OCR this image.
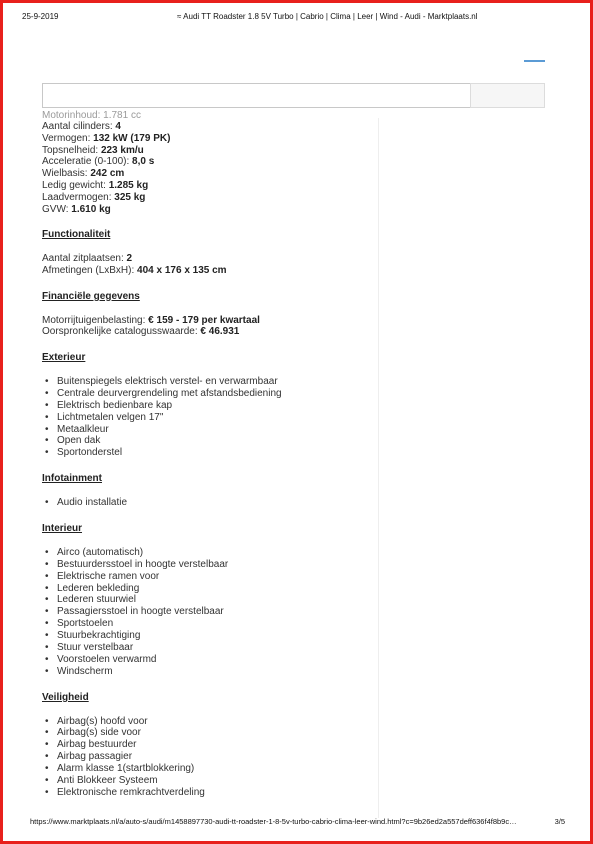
25-9-2019	≈ Audi TT Roadster 1.8 5V Turbo | Cabrio | Clima | Leer | Wind - Audi - Marktplaats.nl
Motorinhoud: 1.781 cc
Aantal cilinders: 4
Vermogen: 132 kW (179 PK)
Topsnelheid: 223 km/u
Acceleratie (0-100): 8,0 s
Wielbasis: 242 cm
Ledig gewicht: 1.285 kg
Laadvermogen: 325 kg
GVW: 1.610 kg
Functionaliteit
Aantal zitplaatsen: 2
Afmetingen (LxBxH): 404 x 176 x 135 cm
Financiële gegevens
Motorrijtuigenbelasting: € 159 - 179 per kwartaal
Oorspronkelijke catalogusswaarde: € 46.931
Exterieur
• Buitenspiegels elektrisch verstel- en verwarmbaar
• Centrale deurvergrendeling met afstandsbediening
• Elektrisch bedienbare kap
• Lichtmetalen velgen 17"
• Metaalkleur
• Open dak
• Sportonderstel
Infotainment
• Audio installatie
Interieur
• Airco (automatisch)
• Bestuurdersstoel in hoogte verstelbaar
• Elektrische ramen voor
• Lederen bekleding
• Lederen stuurwiel
• Passagiersstoel in hoogte verstelbaar
• Sportstoelen
• Stuurbekrachtiging
• Stuur verstelbaar
• Voorstoelen verwarmd
• Windscherm
Veiligheid
• Airbag(s) hoofd voor
• Airbag(s) side voor
• Airbag bestuurder
• Airbag passagier
• Alarm klasse 1(startblokkering)
• Anti Blokkeer Systeem
• Elektronische remkrachtverdeling
https://www.marktplaats.nl/a/auto-s/audi/m1458897730-audi-tt-roadster-1-8-5v-turbo-cabrio-clima-leer-wind.html?c=9b26ed2a557deff636f4f8b9c…	3/5
